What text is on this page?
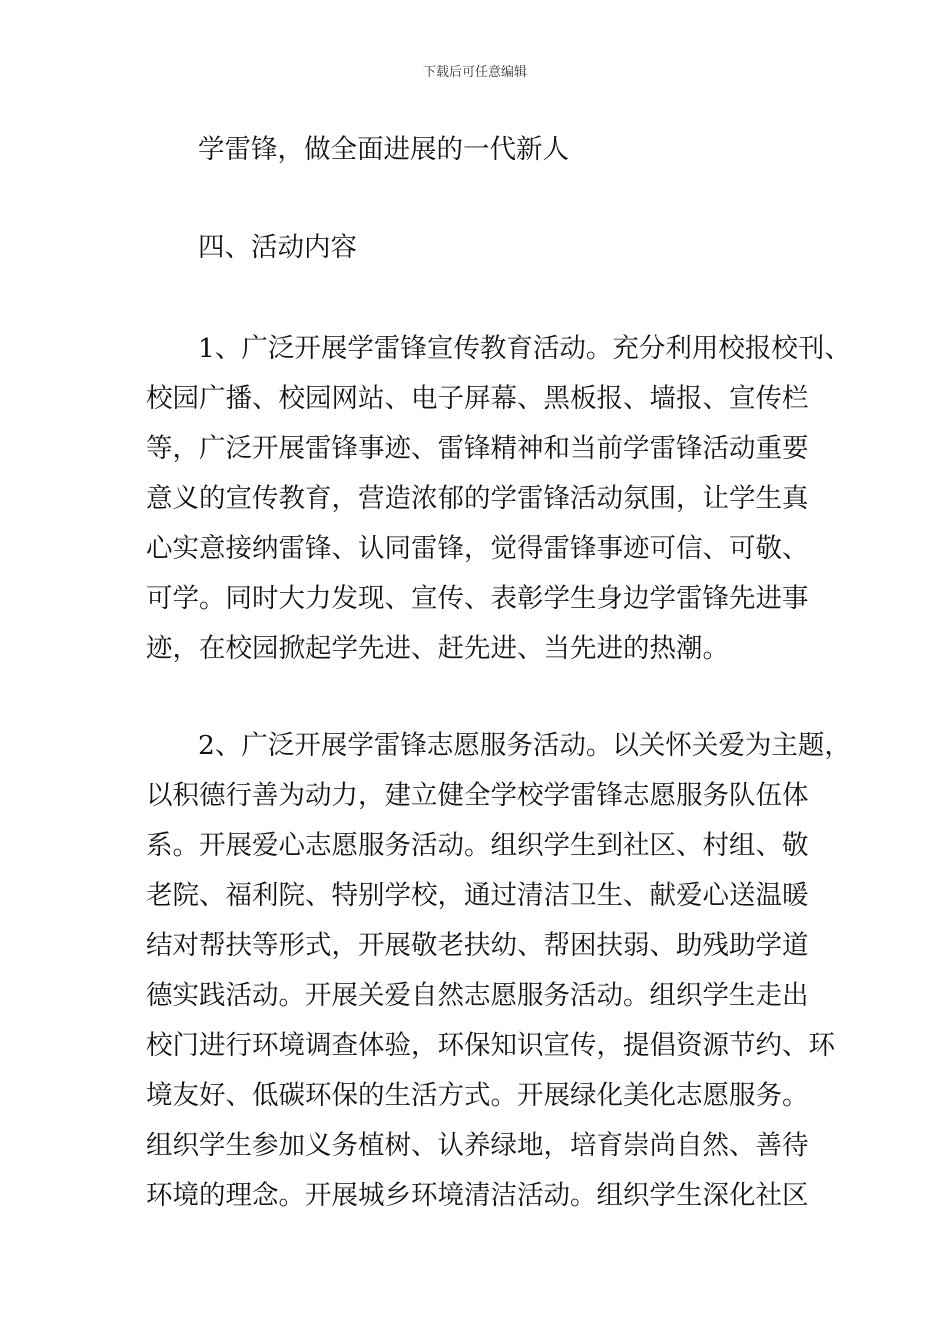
下载后可任意编辑
学雷锋，做全面进展的一代新人
四、活动内容
1、广泛开展学雷锋宣传教育活动。充分利用校报校刊、
校园广播、校园网站、电子屏幕、黑板报、墙报、宣传栏
等，广泛开展雷锋事迹、雷锋精神和当前学雷锋活动重要
意义的宣传教育，营造浓郁的学雷锋活动氛围，让学生真
心实意接纳雷锋、认同雷锋，觉得雷锋事迹可信、可敬、
可学。同时大力发现、宣传、表彰学生身边学雷锋先进事
迹，在校园掀起学先进、赶先进、当先进的热潮。
2、广泛开展学雷锋志愿服务活动。以关怀关爱为主题，
以积德行善为动力，建立健全学校学雷锋志愿服务队伍体
系。开展爱心志愿服务活动。组织学生到社区、村组、敬
老院、福利院、特别学校，通过清洁卫生、献爱心送温暖
结对帮扶等形式，开展敬老扶幼、帮困扶弱、助残助学道
德实践活动。开展关爱自然志愿服务活动。组织学生走出
校门进行环境调查体验，环保知识宣传，提倡资源节约、环
境友好、低碳环保的生活方式。开展绿化美化志愿服务。
组织学生参加义务植树、认养绿地，培育崇尚自然、善待
环境的理念。开展城乡环境清洁活动。组织学生深化社区
